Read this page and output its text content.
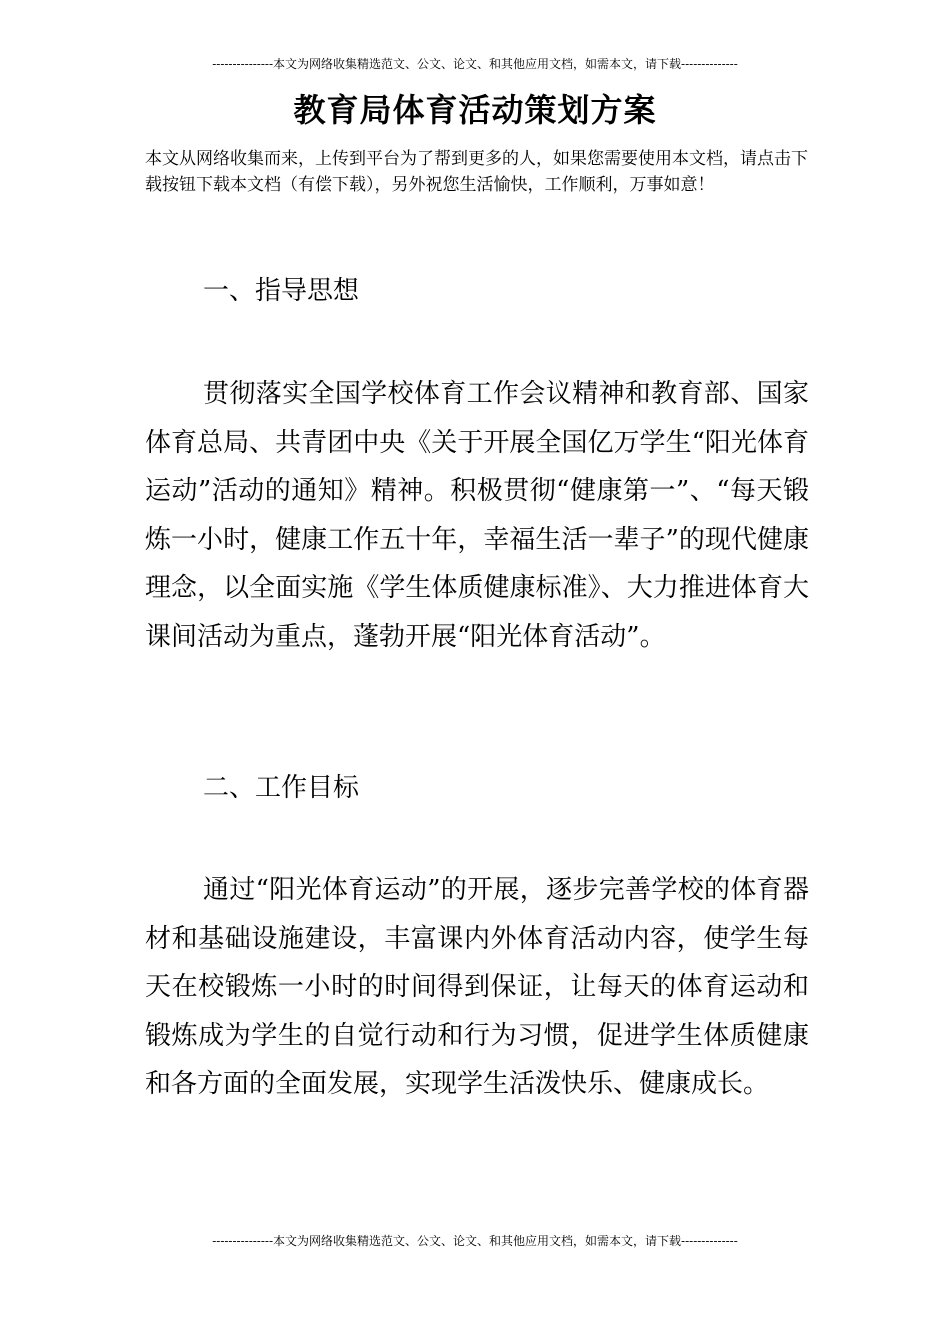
---------------本文为网络收集精选范文、公文、论文、和其他应用文档，如需本文，请下载--------------
教育局体育活动策划方案

本文从网络收集而来，上传到平台为了帮到更多的人，如果您需要使用本文档，请点击下载按钮下载本文档（有偿下载），另外祝您生活愉快，工作顺利，万事如意！

一、指导思想

贯彻落实全国学校体育工作会议精神和教育部、国家体育总局、共青团中央《关于开展全国亿万学生“阳光体育运动”活动的通知》精神。积极贯彻“健康第一”、“每天锻炼一小时，健康工作五十年，幸福生活一辈子”的现代健康理念，以全面实施《学生体质健康标准》、大力推进体育大课间活动为重点，蓬勃开展“阳光体育活动”。

二、工作目标

通过“阳光体育运动”的开展，逐步完善学校的体育器材和基础设施建设，丰富课内外体育活动内容，使学生每天在校锻炼一小时的时间得到保证，让每天的体育运动和锻炼成为学生的自觉行动和行为习惯，促进学生体质健康和各方面的全面发展，实现学生活泼快乐、健康成长。

---------------本文为网络收集精选范文、公文、论文、和其他应用文档，如需本文，请下载--------------
